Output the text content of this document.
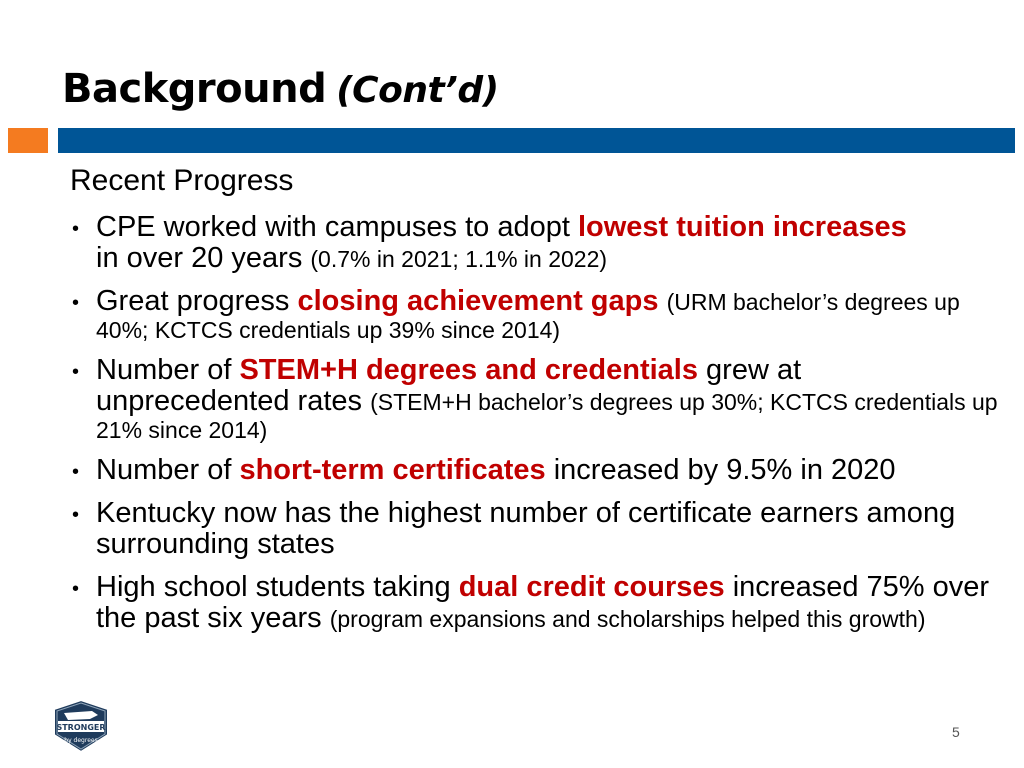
Background (Cont’d)
Recent Progress
• CPE worked with campuses to adopt lowest tuition increases
in over 20 years (0.7% in 2021; 1.1% in 2022)
• Great progress closing achievement gaps (URM bachelor’s degrees up 40%; KCTCS credentials up 39% since 2014)
• Number of STEM+H degrees and credentials grew at unprecedented rates (STEM+H bachelor’s degrees up 30%; KCTCS credentials up 21% since 2014)
• Number of short-term certificates increased by 9.5% in 2020
• Kentucky now has the highest number of certificate earners among surrounding states
• High school students taking dual credit courses increased 75% over the past six years (program expansions and scholarships helped this growth)
STRONGER
by degrees
5
